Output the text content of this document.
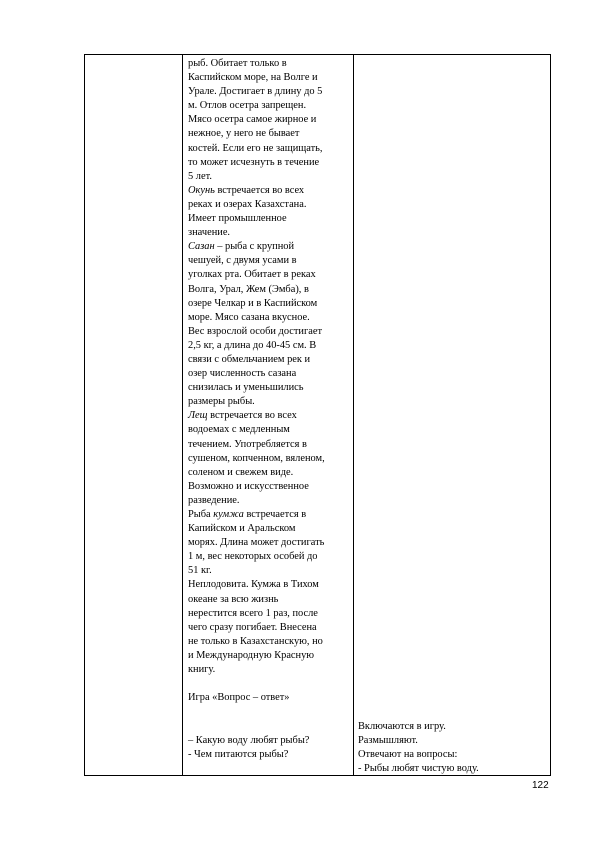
рыб. Обитает только в
Каспийском море, на Волге и
Урале. Достигает в длину до 5
м. Отлов осетра запрещен.
Мясо осетра самое жирное и
нежное, у него не бывает
костей. Если его не защищать,
то может исчезнуть в течение
5 лет.
Окунь встречается во всех
реках и озерах Казахстана.
Имеет промышленное
значение.
Сазан – рыба с крупной
чешуей, с двумя усами в
уголках рта. Обитает в реках
Волга, Урал, Жем (Эмба), в
озере Челкар и в Каспийском
море. Мясо сазана вкусное.
Вес взрослой особи достигает
2,5 кг, а длина до 40-45 см. В
связи с обмельчанием рек и
озер численность сазана
снизилась и уменьшились
размеры рыбы.
Лещ встречается во всех
водоемах с медленным
течением. Употребляется в
сушеном, копченном, вяленом,
соленом и свежем виде.
Возможно и искусственное
разведение.
Рыба кумжа встречается в
Капийском и Аральском
морях. Длина может достигать
1 м, вес некоторых особей до
51 кг.
Неплодовита. Кумжа в Тихом
океане за всю жизнь
нерестится всего 1 раз, после
чего сразу погибает. Внесена
не только в Казахстанскую, но
и Международную Красную
книгу.
Игра «Вопрос – ответ»
– Какую воду любят рыбы?
- Чем питаются рыбы?
Включаются в игру.
Размышляют.
Отвечают на вопросы:
- Рыбы любят чистую воду.
122
